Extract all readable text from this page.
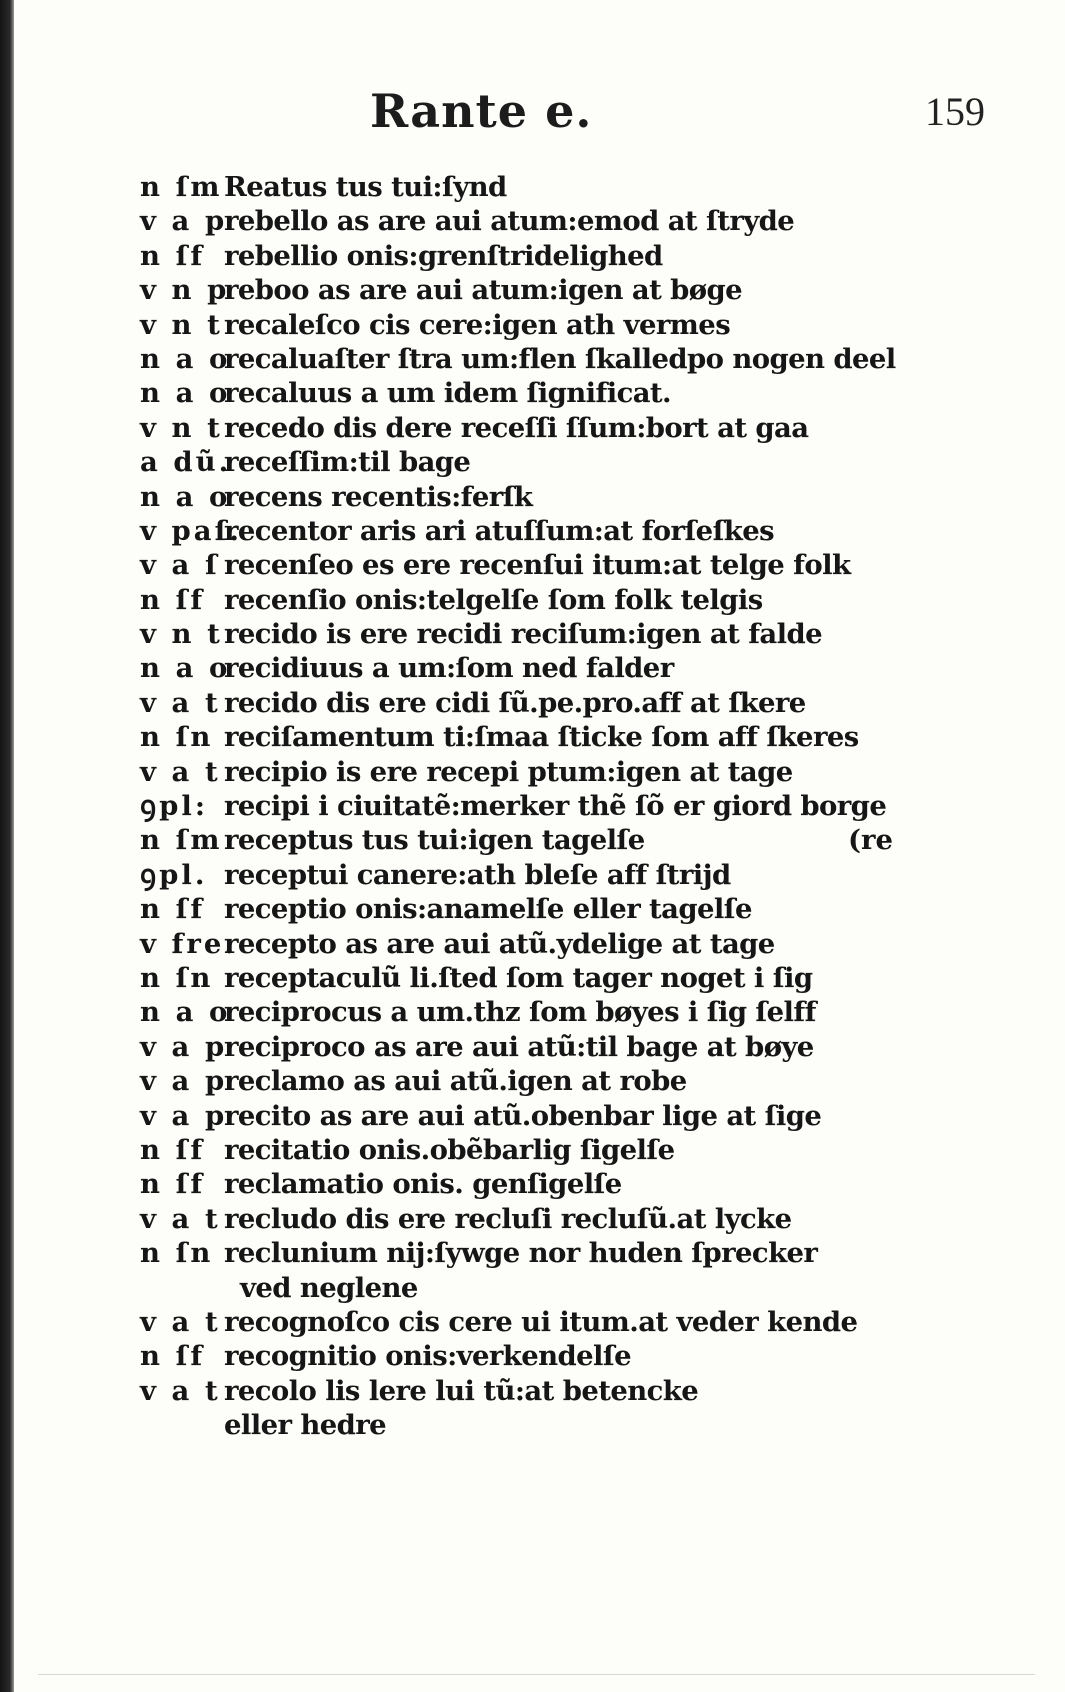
Rante e.	159
n ſm Reatus tus tui:ſynd
v a p
rebello as are aui atum:emod at ſtryde
n ſf rebellio onis:grenſtridelighed
v n p
reboo as are aui atum:igen at bøge
v n t recaleſco cis cere:igen ath vermes
n a o
recaluaſter ſtra um:flen ſkalledpo nogen deel
n a o
recaluus a um idem ſignificat.
v n t recedo dis dere receſſi ſſum:bort at gaa
a dũ.
receſſim:til bage
n a o
recens recentis:ferſk
v paſ.
recentor aris ari atuſſum:at forſeſkes
v a ſ recenſeo es ere recenſui itum:at telge folk
n ſf recenſio onis:telgelſe ſom folk telgis
v n t recido is ere recidi reciſum:igen at falde
n a o
recidiuus a um:ſom ned falder
v a t recido dis ere cidi ſũ.pe.pro.aff at ſkere
n ſn reciſamentum ti:ſmaa ſticke ſom aff ſkeres
v a t recipio is ere recepi ptum:igen at tage
ꝯpl: recipi i ciuitatẽ:merker thẽ ſõ er giord borge
n ſm receptus tus tui:igen tagelſe	(re
ꝯpl. receptui canere:ath bleſe aff ſtrijd
n ſf receptio onis:anamelſe eller tagelſe
v fre.
recepto as are aui atũ.ydelige at tage
n ſn receptaculũ li.ſted ſom tager noget i ſig
n a o
reciprocus a um.thz ſom bøyes i ſig ſelff
v a p
reciproco as are aui atũ:til bage at bøye
v a p
reclamo as aui atũ.igen at robe
v a p
recito as are aui atũ.obenbar lige at ſige
n ſf recitatio onis.obẽbarlig ſigelſe
n ſf reclamatio onis. genſigelſe
v a t recludo dis ere recluſi recluſũ.at lycke
n ſn reclunium nij:ſywge nor huden ſprecker
ved neglene
v a t recognoſco cis cere ui itum.at veder kende
n ſf recognitio onis:verkendelſe
v a t recolo lis lere lui tũ:at betencke
eller hedre
